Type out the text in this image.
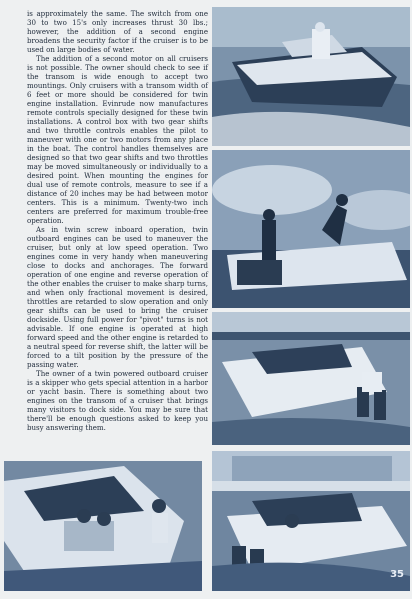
is approximately the same. The switch from one 30 to two 15's only increases thrust 30 lbs.; however, the addition of a second engine broadens the security factor if the cruiser is to be used on large bodies of water.

The addition of a second motor on all cruisers is not possible. The owner should check to see if the transom is wide enough to accept two mountings. Only cruisers with a transom width of 6 feet or more should be considered for twin engine installation. Evinrude now manufactures remote controls specially designed for these twin installations. A control box with two gear shifts and two throttle controls enables the pilot to maneuver with one or two motors from any place in the boat. The control handles themselves are designed so that two gear shifts and two throttles may be moved simultaneously or individually to a desired point. When mounting the engines for dual use of remote controls, measure to see if a distance of 20 inches may be had between motor centers. This is a minimum. Twenty-two inch centers are preferred for maximum trouble-free operation.

As in twin screw inboard operation, twin outboard engines can be used to maneuver the cruiser, but only at low speed operation. Two engines come in very handy when maneuvering close to docks and anchorages. The forward operation of one engine and reverse operation of the other enables the cruiser to make sharp turns, and when only fractional movement is desired, throttles are retarded to slow operation and only gear shifts can be used to bring the cruiser dockside. Using full power for "pivot" turns is not advisable. If one engine is operated at high forward speed and the other engine is retarded to a neutral speed for reverse shift, the latter will be forced to a tilt position by the pressure of the passing water.

The owner of a twin powered outboard cruiser is a skipper who gets special attention in a harbor or yacht basin. There is something about two engines on the transom of a cruiser that brings many visitors to dock side. You may be sure that there'll be enough questions asked to keep you busy answering them.

35
